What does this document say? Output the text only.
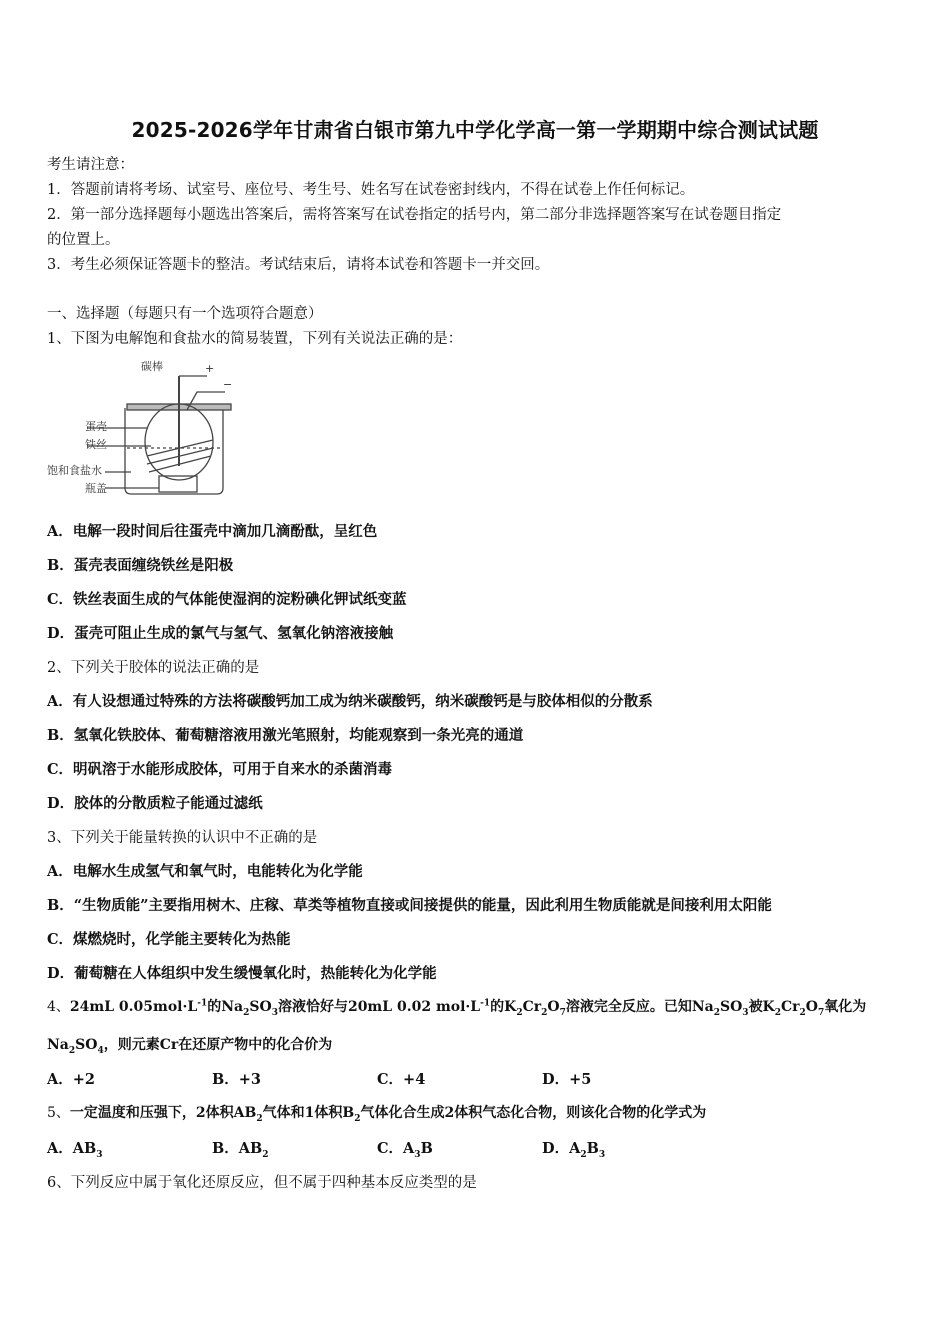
2025-2026学年甘肃省白银市第九中学化学高一第一学期期中综合测试试题
考生请注意：
1．答题前请将考场、试室号、座位号、考生号、姓名写在试卷密封线内，不得在试卷上作任何标记。
2．第一部分选择题每小题选出答案后，需将答案写在试卷指定的括号内，第二部分非选择题答案写在试卷题目指定
的位置上。
3．考生必须保证答题卡的整洁。考试结束后，请将本试卷和答题卡一并交回。
一、选择题（每题只有一个选项符合题意）
1、下图为电解饱和食盐水的简易装置，下列有关说法正确的是：
碳棒	+
−
蛋壳
铁丝
饱和食盐水
瓶盖
A．电解一段时间后往蛋壳中滴加几滴酚酞，呈红色
B．蛋壳表面缠绕铁丝是阳极
C．铁丝表面生成的气体能使湿润的淀粉碘化钾试纸变蓝
D．蛋壳可阻止生成的氯气与氢气、氢氧化钠溶液接触
2、下列关于胶体的说法正确的是
A．有人设想通过特殊的方法将碳酸钙加工成为纳米碳酸钙，纳米碳酸钙是与胶体相似的分散系
B．氢氧化铁胶体、葡萄糖溶液用激光笔照射，均能观察到一条光亮的通道
C．明矾溶于水能形成胶体，可用于自来水的杀菌消毒
D．胶体的分散质粒子能通过滤纸
3、下列关于能量转换的认识中不正确的是
A．电解水生成氢气和氧气时，电能转化为化学能
B．“生物质能”主要指用树木、庄稼、草类等植物直接或间接提供的能量，因此利用生物质能就是间接利用太阳能
C．煤燃烧时，化学能主要转化为热能
D．葡萄糖在人体组织中发生缓慢氧化时，热能转化为化学能
4、24mL $0.05mol\cdot L^{-1}$的$Na_2SO_3$溶液恰好与20mL 0.02 $mol\cdot L^{-1}$的$K_2Cr_2O_7$溶液完全反应。已知$Na_2SO_3$被$K_2Cr_2O_7$氧化为
$Na_2SO_4$，则元素Cr在还原产物中的化合价为
A．+2	B．+3	C．+4	D．+5
5、一定温度和压强下，2体积$AB_2$气体和1体积$B_2$气体化合生成2体积气态化合物，则该化合物的化学式为
A．$AB_3$	B．$AB_2$	C．$A_3B$	D．$A_2B_3$
6、下列反应中属于氧化还原反应，但不属于四种基本反应类型的是
